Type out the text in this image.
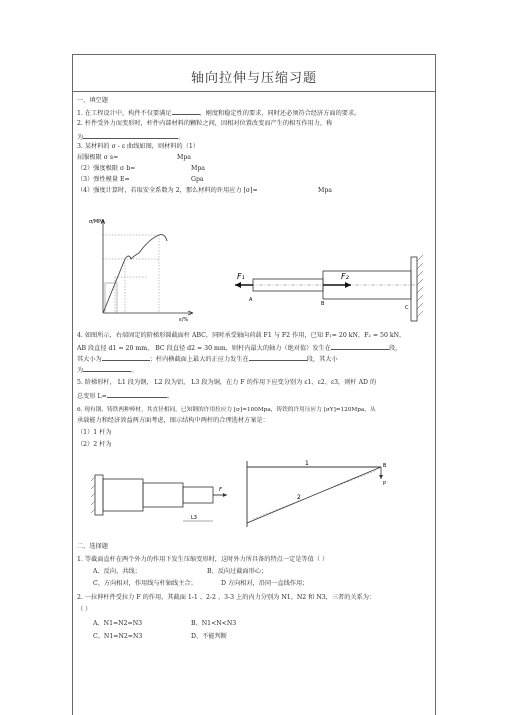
轴向拉伸与压缩习题
一、填空题
1. 在工程设计中，构件不仅要满足	、刚度和稳定性的要求，同时还必须符合经济方面的要求。
2. 杆件受外力而变形时，杆件内部材料的颗粒之间，因相对位置改变而产生的相互作用力，称
为	。
3. 某材料的 σ - ε 曲线如图，则材料的（1）
屈服极限 σ s=	Mpa
（2）强度极限 σ b=	Mpa
（3）弹性模量 E=	Gpa
（4）强度计算时，若取安全系数为 2，那么材料的许用应力 [σ]=	Mpa
σ/MPa
ε/%
F₁	F₂
A
B
C
4. 如图所示，右端固定的阶梯形圆截面杆 ABC，同时承受轴向荷载 F1 与 F2 作用，已知 F₁= 20 kN，F₂ = 50 kN，
AB 段直径 d1 = 20 mm， BC 段直径 d2 = 30 mm，则杆内最大的轴力（绝对值）发生在	段，
其大小为	；杆内横截面上最大的正应力发生在	段，其大小
为	。
5. 阶梯形杆， L1 段为钢， L2 段为铝， L3 段为铜，在力 F 的作用下应变分别为 ε1、ε2、ε3，则杆 AD 的
总变形 L=	。
6. 现有钢、铸铁两种棒材，其直径相同。已知钢的许用拉应力 [σ]=100Mpa，铸铁的许用压应力 [σY]=120Mpa，从
承载能力和经济效益两方面考虑，图示结构中两杆的合理选材方案是：
（1）1 杆为
（2）2 杆为
F
L3
1
2
P
B
二、选择题
1. 等截面直杆在两个外力的作用下发生压缩变形时，这时外力所具备的特点一定是等值（ ）
A、反向、共线；	B、反向过截面形心；
C、方向相对，作用线与杆轴线主合；	D 方向相对，沿同一直线作用；
2. 一拉伸杆件受拉力 F 的作用，其截面 1-1 、2-2 、3-3 上的内力分别为 N1、N2 和 N3，三者的关系为：
（ ）
A、N1=N2=N3	B、N1<N<N3
C、N1=N2=N3	D、不能判断
